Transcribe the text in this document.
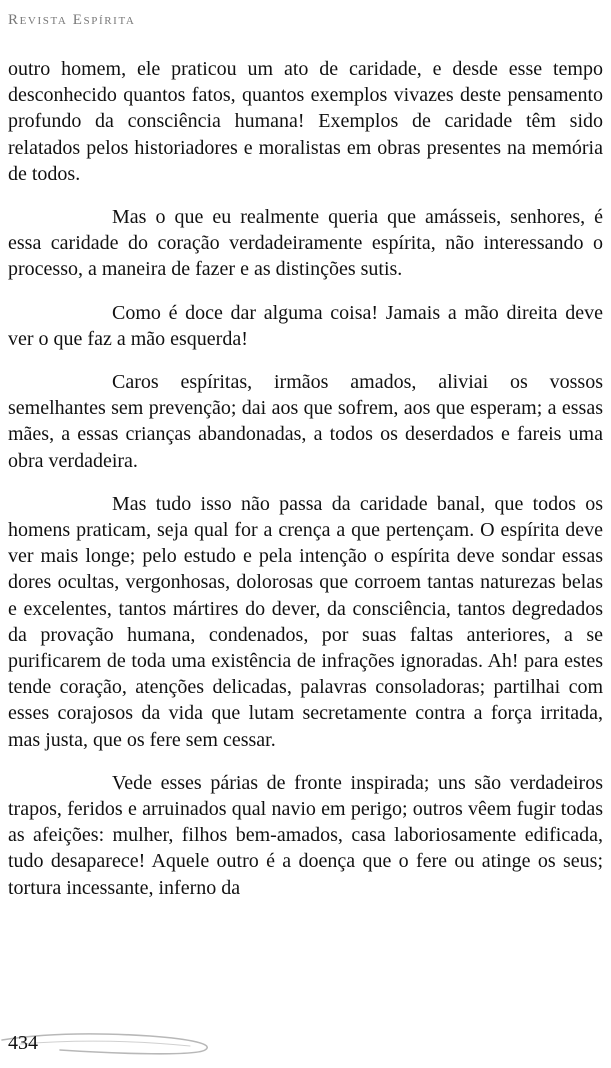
Revista Espírita

outro homem, ele praticou um ato de caridade, e desde esse tempo desconhecido quantos fatos, quantos exemplos vivazes deste pensamento profundo da consciência humana! Exemplos de caridade têm sido relatados pelos historiadores e moralistas em obras presentes na memória de todos.

Mas o que eu realmente queria que amásseis, senhores, é essa caridade do coração verdadeiramente espírita, não interessando o processo, a maneira de fazer e as distinções sutis.

Como é doce dar alguma coisa! Jamais a mão direita deve ver o que faz a mão esquerda!

Caros espíritas, irmãos amados, aliviai os vossos semelhantes sem prevenção; dai aos que sofrem, aos que esperam; a essas mães, a essas crianças abandonadas, a todos os deserdados e fareis uma obra verdadeira.

Mas tudo isso não passa da caridade banal, que todos os homens praticam, seja qual for a crença a que pertençam. O espírita deve ver mais longe; pelo estudo e pela intenção o espírita deve sondar essas dores ocultas, vergonhosas, dolorosas que corroem tantas naturezas belas e excelentes, tantos mártires do dever, da consciência, tantos degredados da provação humana, condenados, por suas faltas anteriores, a se purificarem de toda uma existência de infrações ignoradas. Ah! para estes tende coração, atenções delicadas, palavras consoladoras; partilhai com esses corajosos da vida que lutam secretamente contra a força irritada, mas justa, que os fere sem cessar.

Vede esses párias de fronte inspirada; uns são verdadeiros trapos, feridos e arruinados qual navio em perigo; outros vêem fugir todas as afeições: mulher, filhos bem-amados, casa laboriosamente edificada, tudo desaparece! Aquele outro é a doença que o fere ou atinge os seus; tortura incessante, inferno da

434
